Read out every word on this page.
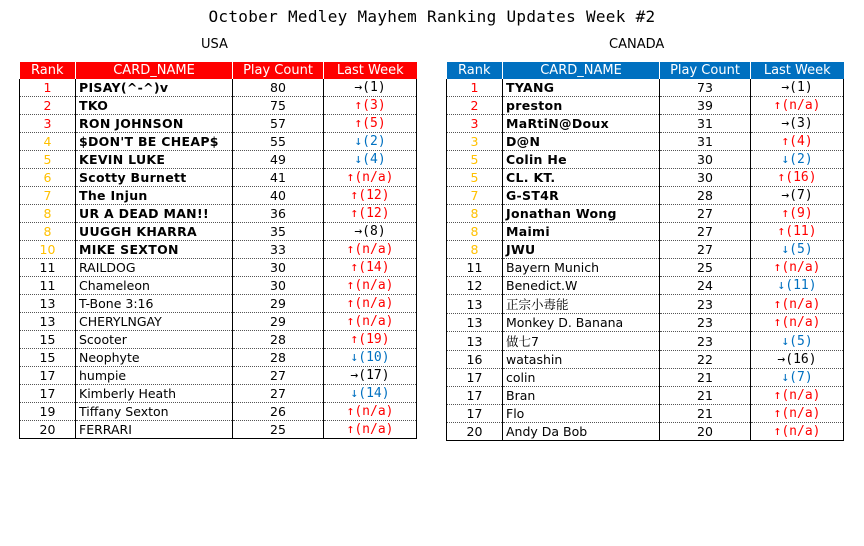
October Medley Mayhem Ranking Updates Week #2
USA	CANADA
Rank	CARD_NAME	Play Count	Last Week
1	PISAY(^-^)v	80	→(1)
2	TKO	75	↑(3)
3	RON JOHNSON	57	↑(5)
4	$DON'T BE CHEAP$	55	↓(2)
5	KEVIN LUKE	49	↓(4)
6	Scotty Burnett	41	↑(n/a)
7	The Injun	40	↑(12)
8	UR A DEAD MAN!!	36	↑(12)
8	UUGGH KHARRA	35	→(8)
10	MIKE SEXTON	33	↑(n/a)
11	RAILDOG	30	↑(14)
11	Chameleon	30	↑(n/a)
13	T-Bone 3:16	29	↑(n/a)
13	CHERYLNGAY	29	↑(n/a)
15	Scooter	28	↑(19)
15	Neophyte	28	↓(10)
17	humpie	27	→(17)
17	Kimberly Heath	27	↓(14)
19	Tiffany Sexton	26	↑(n/a)
20	FERRARI	25	↑(n/a)
Rank	CARD_NAME	Play Count	Last Week
1	TYANG	73	→(1)
2	preston	39	↑(n/a)
3	MaRtiN@Doux	31	→(3)
3	D@N	31	↑(4)
5	Colin He	30	↓(2)
5	CL. KT.	30	↑(16)
7	G-ST4R	28	→(7)
8	Jonathan Wong	27	↑(9)
8	Maimi	27	↑(11)
8	JWU	27	↓(5)
11	Bayern Munich	25	↑(n/a)
12	Benedict.W	24	↓(11)
13	正宗小毒能	23	↑(n/a)
13	Monkey D. Banana	23	↑(n/a)
13	做七7	23	↓(5)
16	watashin	22	→(16)
17	colin	21	↓(7)
17	Bran	21	↑(n/a)
17	Flo	21	↑(n/a)
20	Andy Da Bob	20	↑(n/a)
